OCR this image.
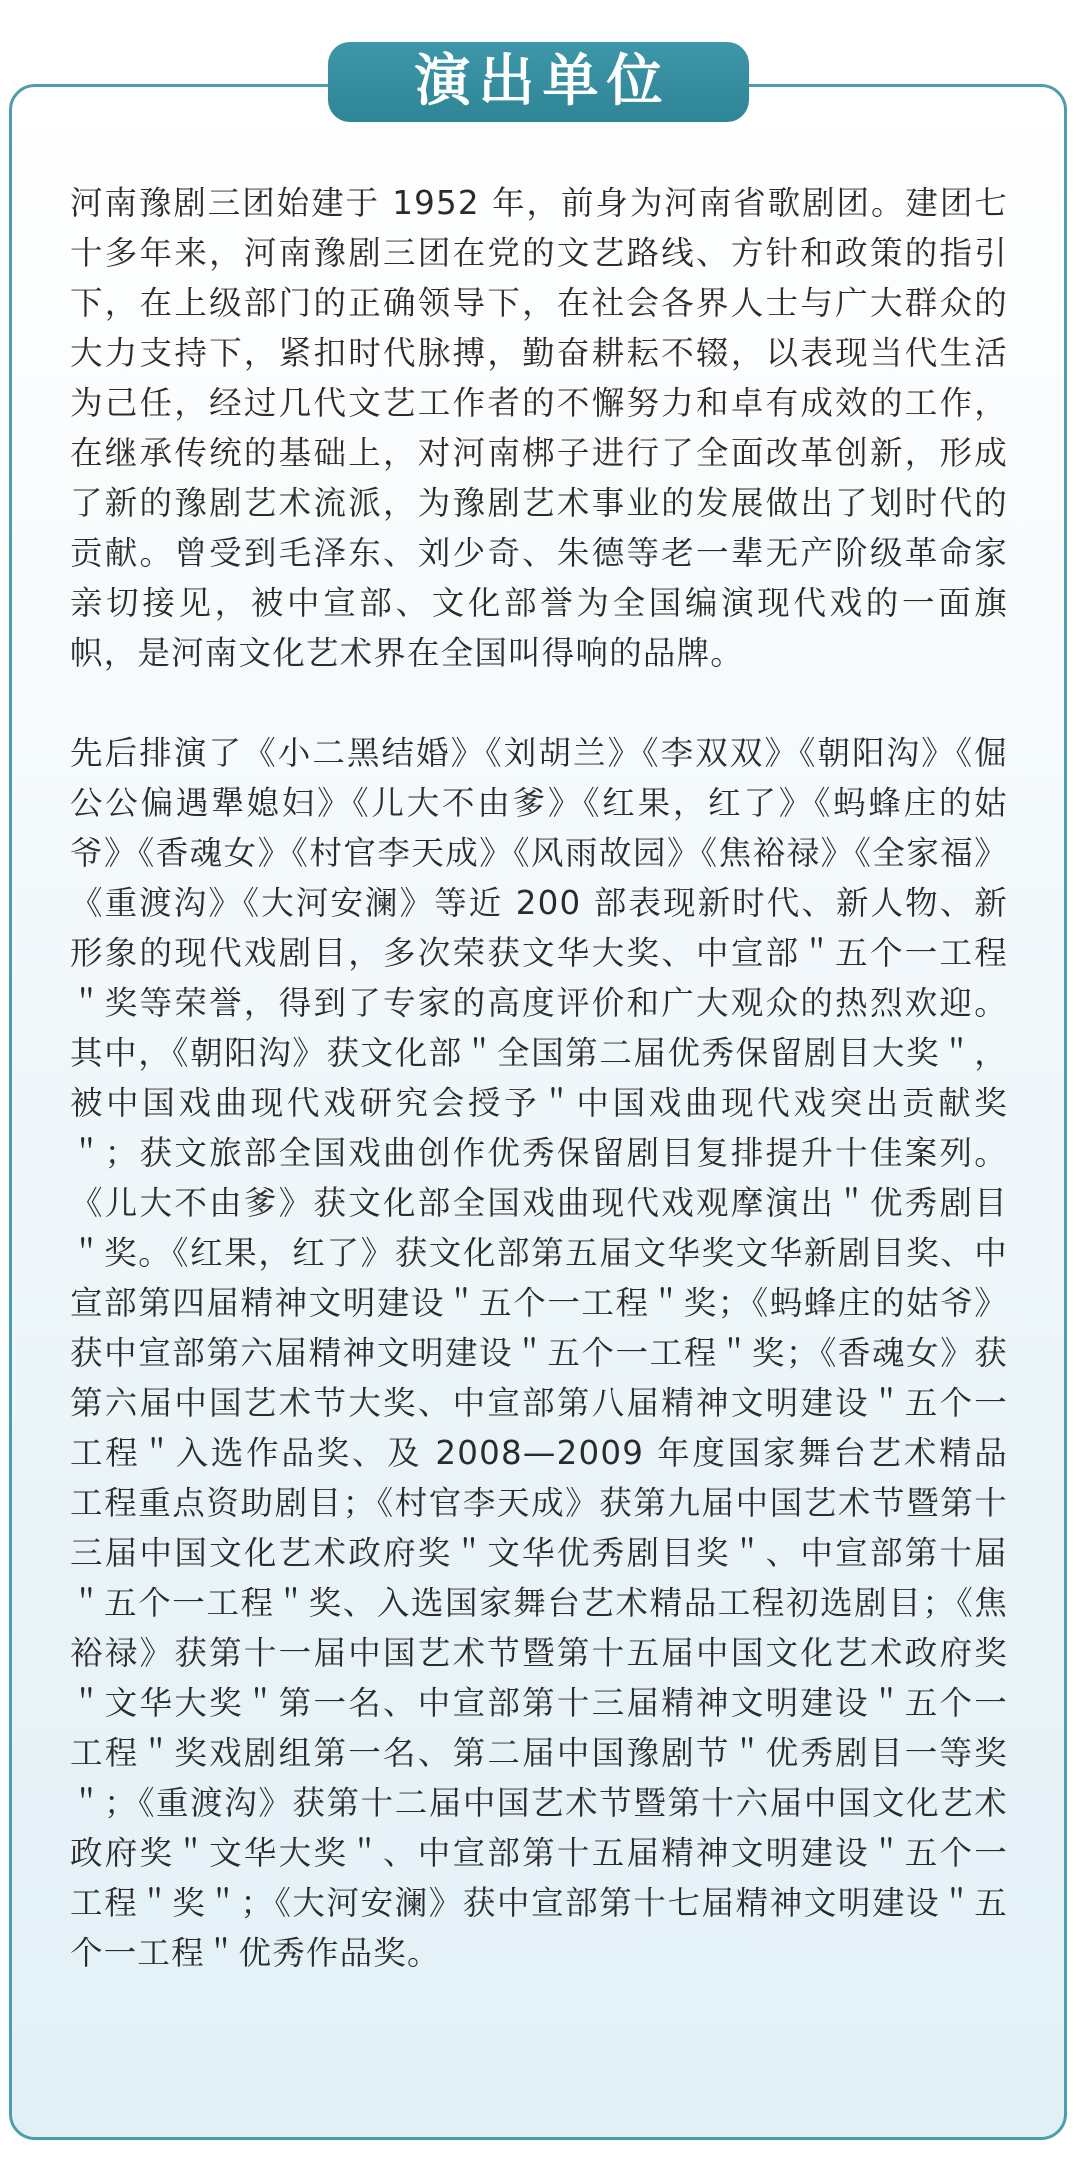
演出单位

河南豫剧三团始建于 1952 年，前身为河南省歌剧团。建团七十多年来，河南豫剧三团在党的文艺路线、方针和政策的指引下，在上级部门的正确领导下，在社会各界人士与广大群众的大力支持下，紧扣时代脉搏，勤奋耕耘不辍，以表现当代生活为己任，经过几代文艺工作者的不懈努力和卓有成效的工作，在继承传统的基础上，对河南梆子进行了全面改革创新，形成了新的豫剧艺术流派，为豫剧艺术事业的发展做出了划时代的贡献。曾受到毛泽东、刘少奇、朱德等老一辈无产阶级革命家亲切接见，被中宣部、文化部誉为全国编演现代戏的一面旗帜，是河南文化艺术界在全国叫得响的品牌。

先后排演了《小二黑结婚》《刘胡兰》《李双双》《朝阳沟》《倔公公偏遇犟媳妇》《儿大不由爹》《红果，红了》《蚂蜂庄的姑爷》《香魂女》《村官李天成》《风雨故园》《焦裕禄》《全家福》《重渡沟》《大河安澜》等近 200 部表现新时代、新人物、新形象的现代戏剧目，多次荣获文华大奖、中宣部＂五个一工程＂奖等荣誉，得到了专家的高度评价和广大观众的热烈欢迎。其中，《朝阳沟》获文化部＂全国第二届优秀保留剧目大奖＂，被中国戏曲现代戏研究会授予＂中国戏曲现代戏突出贡献奖＂；获文旅部全国戏曲创作优秀保留剧目复排提升十佳案列。《儿大不由爹》获文化部全国戏曲现代戏观摩演出＂优秀剧目＂奖。《红果，红了》获文化部第五届文华奖文华新剧目奖、中宣部第四届精神文明建设＂五个一工程＂奖；《蚂蜂庄的姑爷》获中宣部第六届精神文明建设＂五个一工程＂奖；《香魂女》获第六届中国艺术节大奖、中宣部第八届精神文明建设＂五个一工程＂入选作品奖、及 2008—2009 年度国家舞台艺术精品工程重点资助剧目；《村官李天成》获第九届中国艺术节暨第十三届中国文化艺术政府奖＂文华优秀剧目奖＂、中宣部第十届＂五个一工程＂奖、入选国家舞台艺术精品工程初选剧目；《焦裕禄》获第十一届中国艺术节暨第十五届中国文化艺术政府奖＂文华大奖＂第一名、中宣部第十三届精神文明建设＂五个一工程＂奖戏剧组第一名、第二届中国豫剧节＂优秀剧目一等奖＂；《重渡沟》获第十二届中国艺术节暨第十六届中国文化艺术政府奖＂文华大奖＂、中宣部第十五届精神文明建设＂五个一工程＂奖＂；《大河安澜》获中宣部第十七届精神文明建设＂五个一工程＂优秀作品奖。
